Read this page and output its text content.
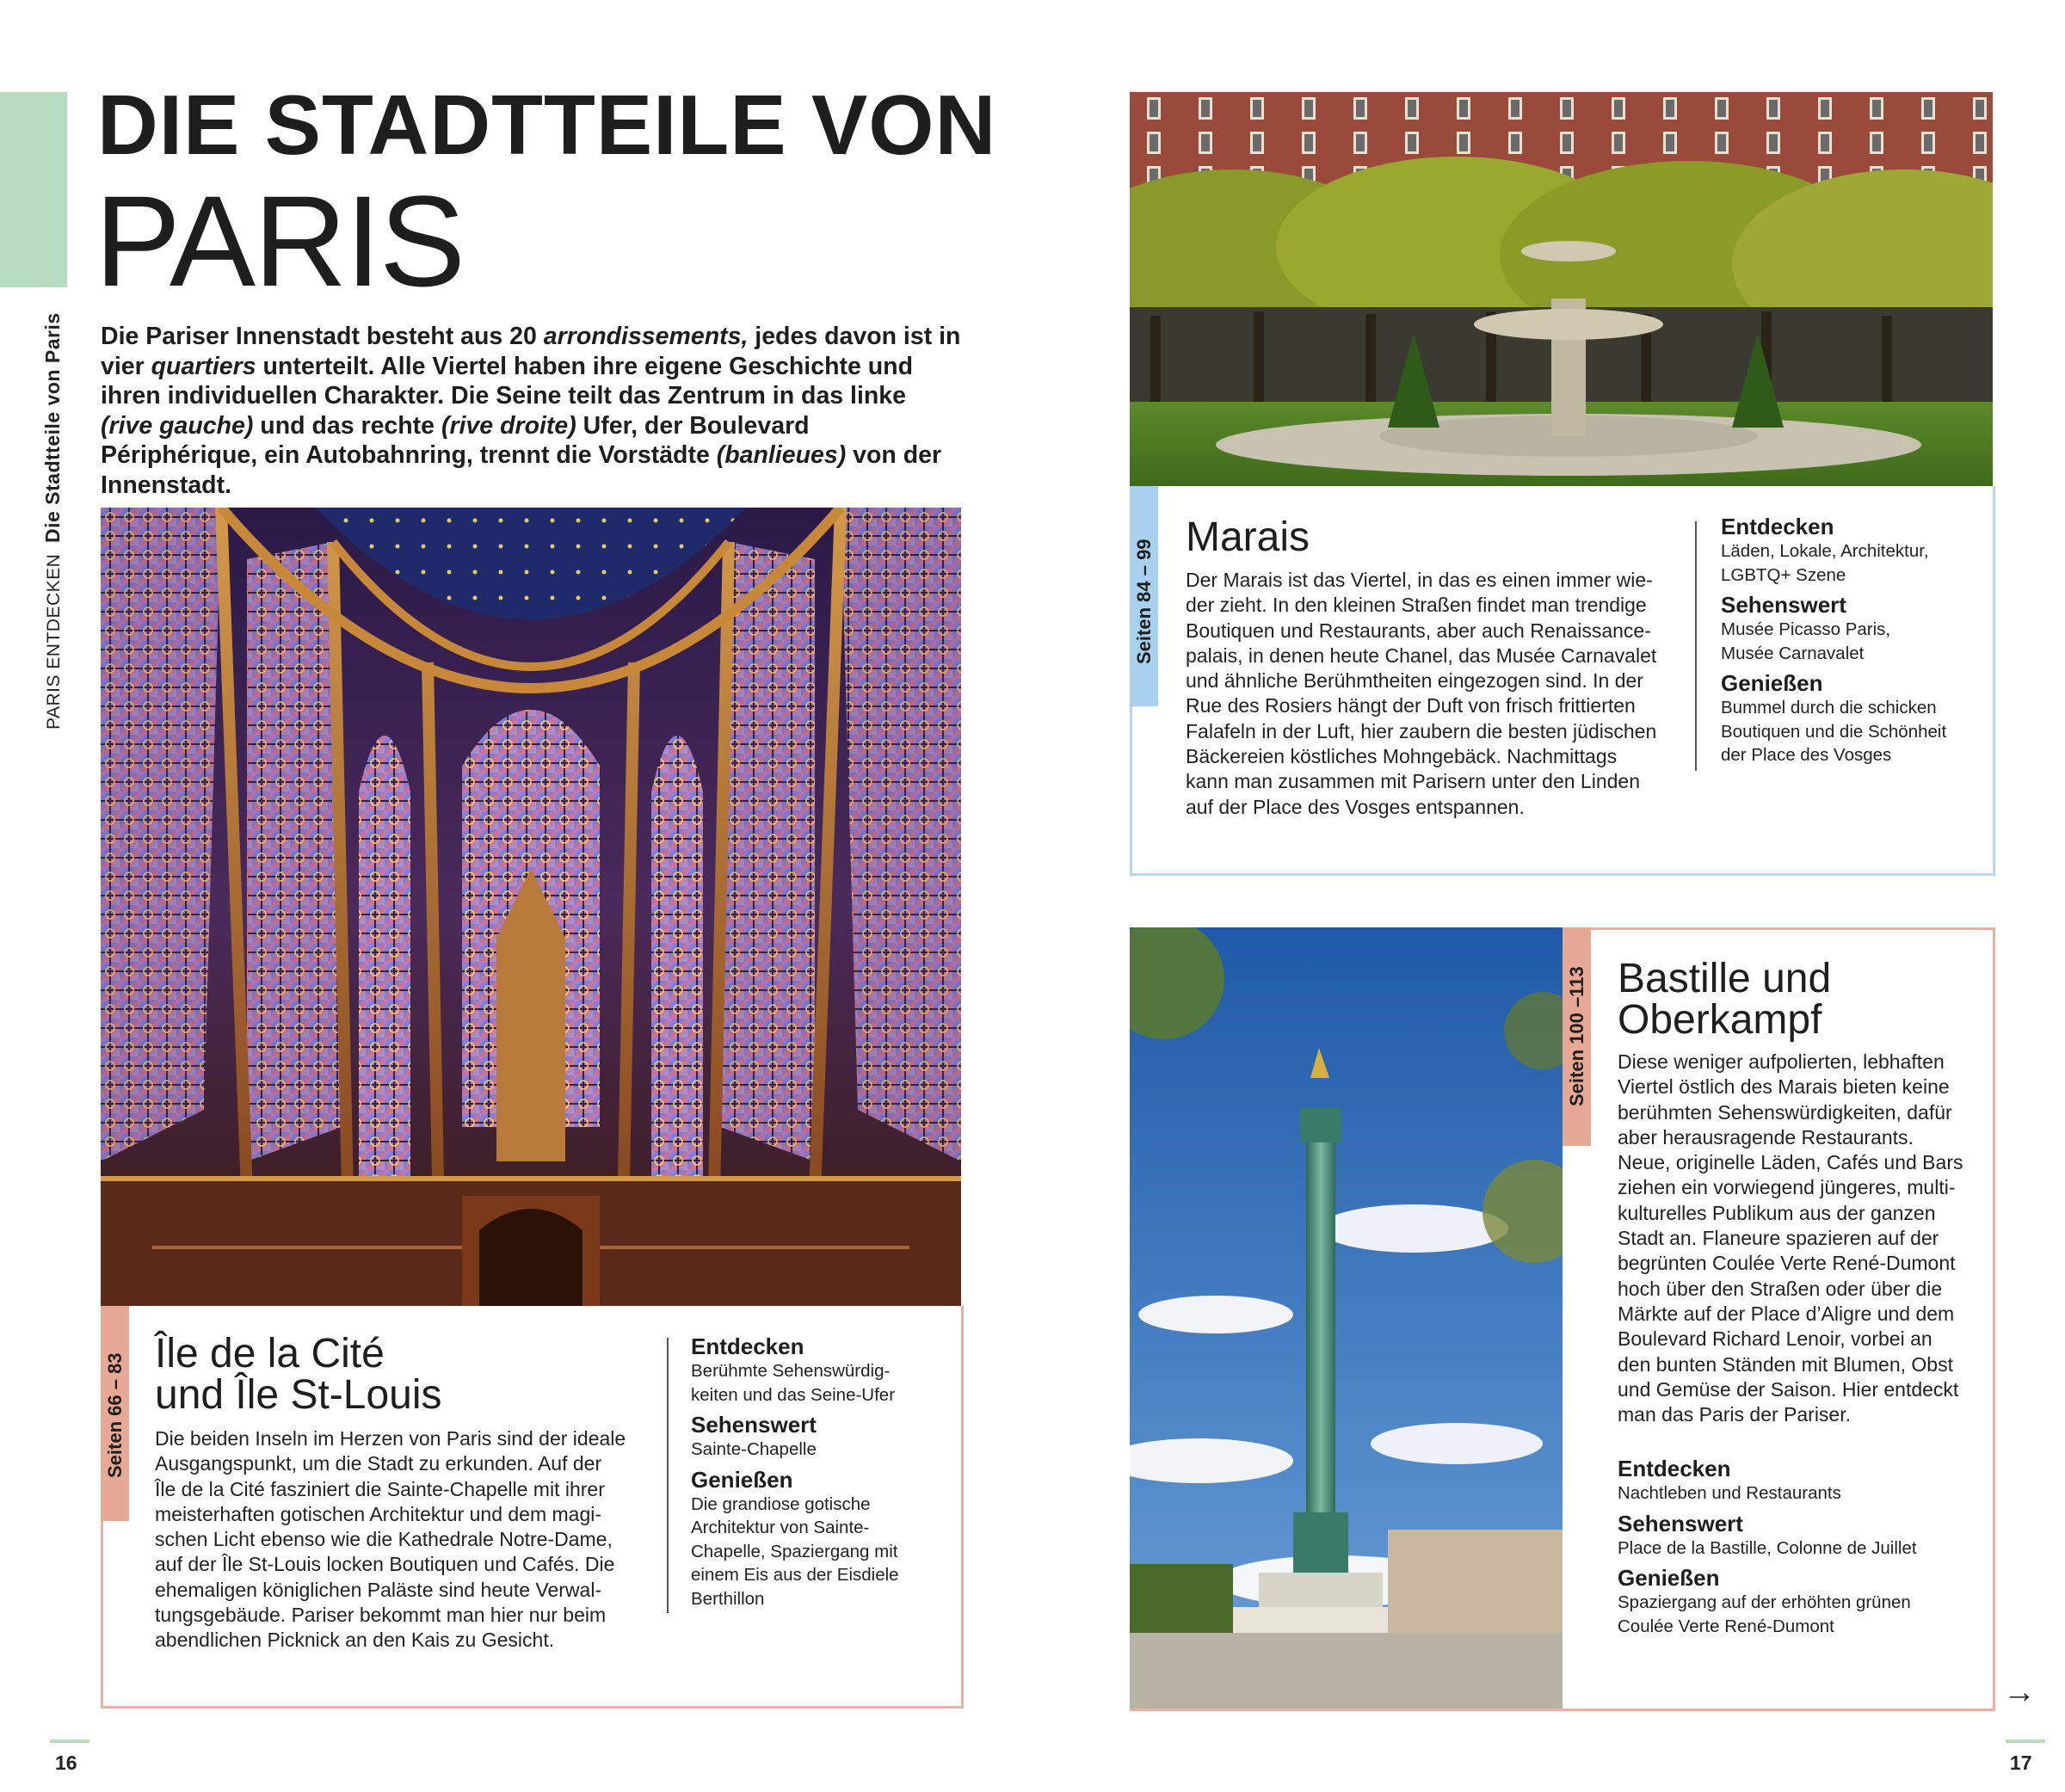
PARIS ENTDECKEN  Die Stadtteile von Paris
DIE STADTTEILE VON
PARIS
Die Pariser Innenstadt besteht aus 20 arrondissements, jedes davon ist in vier quartiers unterteilt. Alle Viertel haben ihre eigene Geschichte und ihren individuellen Charakter. Die Seine teilt das Zentrum in das linke (rive gauche) und das rechte (rive droite) Ufer, der Boulevard Périphérique, ein Autobahnring, trennt die Vorstädte (banlieues) von der Innenstadt.
Seiten 66 – 83 Île de la Cité
und Île St-Louis
Die beiden Inseln im Herzen von Paris sind der ideale
Ausgangspunkt, um die Stadt zu erkunden. Auf der
Île de la Cité fasziniert die Sainte-Chapelle mit ihrer
meisterhaften gotischen Architektur und dem magi-
schen Licht ebenso wie die Kathedrale Notre-Dame,
auf der Île St-Louis locken Boutiquen und Cafés. Die
ehemaligen königlichen Paläste sind heute Verwal-
tungsgebäude. Pariser bekommt man hier nur beim
abendlichen Picknick an den Kais zu Gesicht.
Entdecken
Berühmte Sehenswürdig-
keiten und das Seine-Ufer
Sehenswert
Sainte-Chapelle
Genießen
Die grandiose gotische
Architektur von Sainte-
Chapelle, Spaziergang mit
einem Eis aus der Eisdiele
Berthillon
16
Seiten 84 – 99
Marais
Der Marais ist das Viertel, in das es einen immer wie-
der zieht. In den kleinen Straßen findet man trendige
Boutiquen und Restaurants, aber auch Renaissance-
palais, in denen heute Chanel, das Musée Carnavalet
und ähnliche Berühmtheiten eingezogen sind. In der
Rue des Rosiers hängt der Duft von frisch frittierten
Falafeln in der Luft, hier zaubern die besten jüdischen
Bäckereien köstliches Mohngebäck. Nachmittags
kann man zusammen mit Parisern unter den Linden
auf der Place des Vosges entspannen.
Entdecken
Läden, Lokale, Architektur,
LGBTQ+ Szene
Sehenswert
Musée Picasso Paris,
Musée Carnavalet
Genießen
Bummel durch die schicken
Boutiquen und die Schönheit
der Place des Vosges
Seiten 100 –113 Bastille und
Oberkampf
Diese weniger aufpolierten, lebhaften
Viertel östlich des Marais bieten keine
berühmten Sehenswürdigkeiten, dafür
aber herausragende Restaurants.
Neue, originelle Läden, Cafés und Bars
ziehen ein vorwiegend jüngeres, multi-
kulturelles Publikum aus der ganzen
Stadt an. Flaneure spazieren auf der
begrünten Coulée Verte René-Dumont
hoch über den Straßen oder über die
Märkte auf der Place d’Aligre und dem
Boulevard Richard Lenoir, vorbei an
den bunten Ständen mit Blumen, Obst
und Gemüse der Saison. Hier entdeckt
man das Paris der Pariser.
Entdecken
Nachtleben und Restaurants
Sehenswert
Place de la Bastille, Colonne de Juillet
Genießen
Spaziergang auf der erhöhten grünen
Coulée Verte René-Dumont
→
17
